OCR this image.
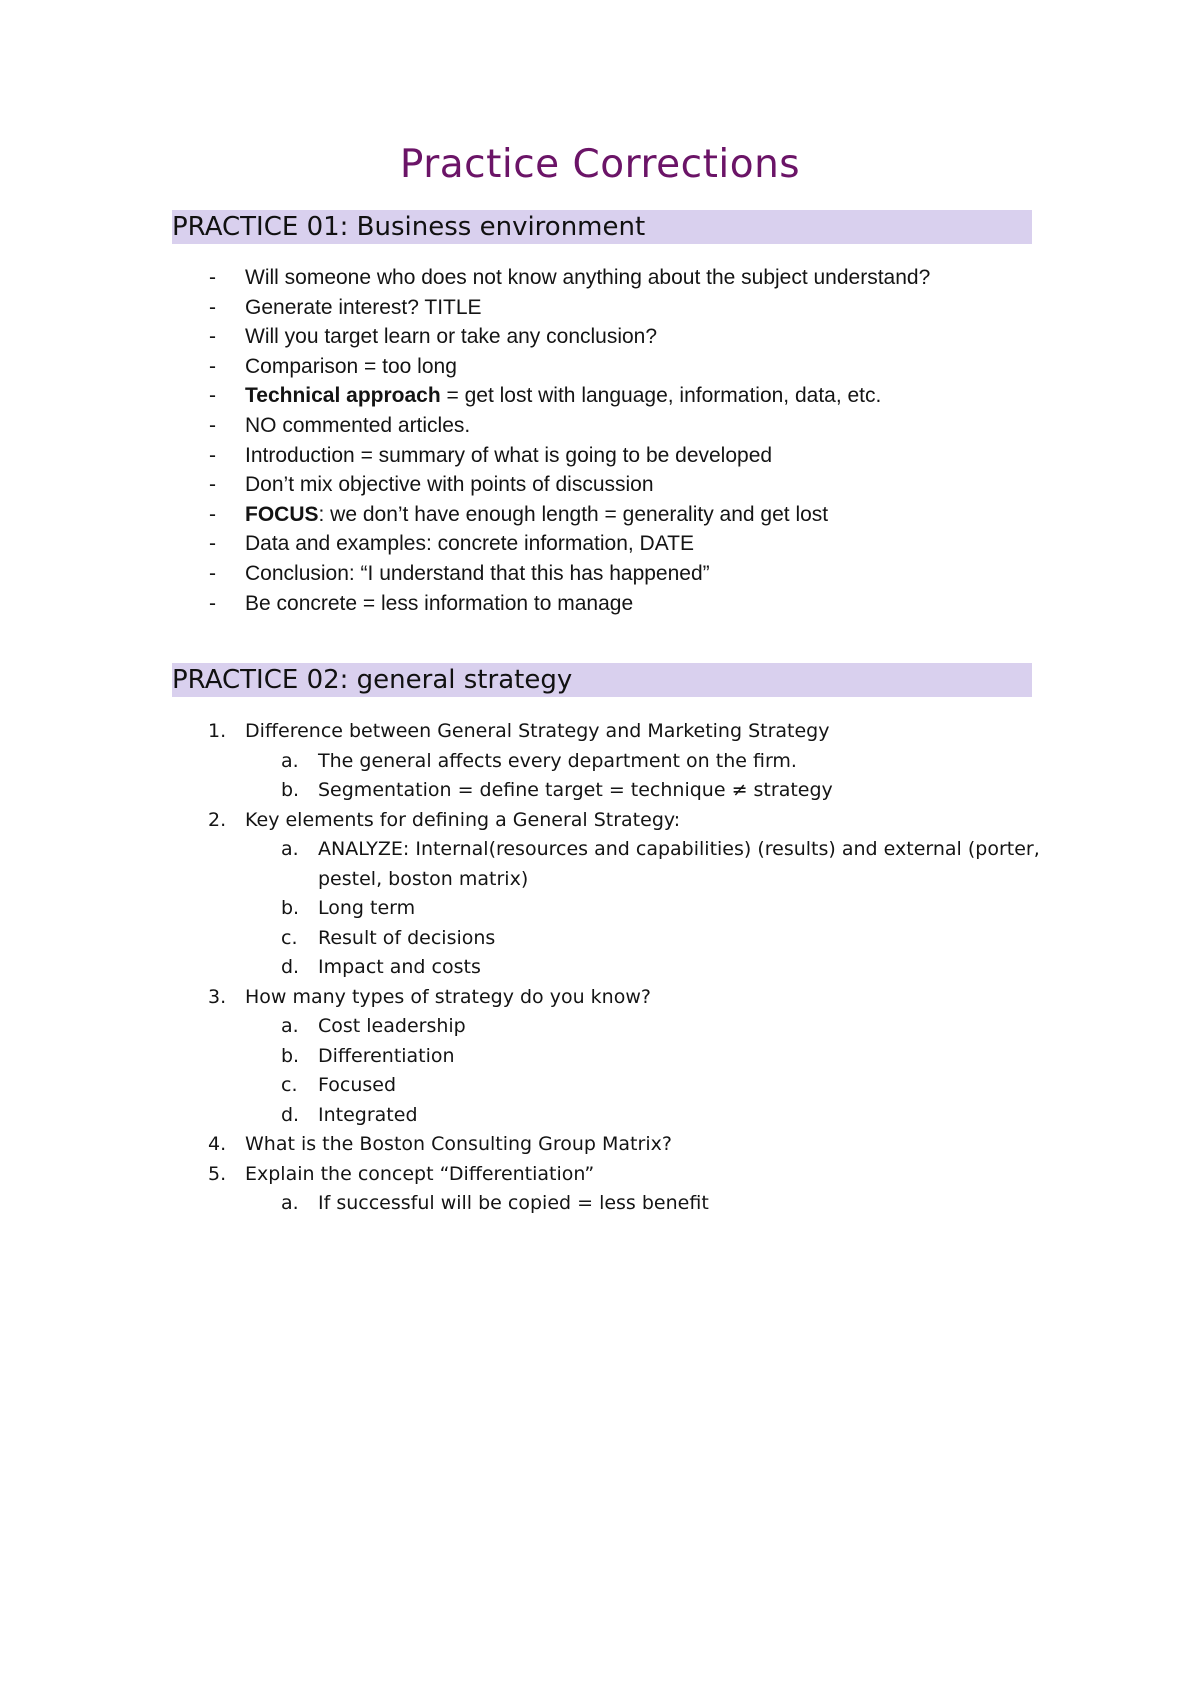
Practice Corrections
PRACTICE 01: Business environment
- Will someone who does not know anything about the subject understand?
- Generate interest? TITLE
- Will you target learn or take any conclusion?
- Comparison = too long
- Technical approach = get lost with language, information, data, etc.
- NO commented articles.
- Introduction = summary of what is going to be developed
- Don’t mix objective with points of discussion
- FOCUS: we don’t have enough length = generality and get lost
- Data and examples: concrete information, DATE
- Conclusion: “I understand that this has happened”
- Be concrete = less information to manage
PRACTICE 02: general strategy
1. Difference between General Strategy and Marketing Strategy
a. The general affects every department on the firm.
b. Segmentation = define target = technique ≠ strategy
2. Key elements for defining a General Strategy:
a. ANALYZE: Internal(resources and capabilities) (results) and external (porter,
pestel, boston matrix)
b. Long term
c. Result of decisions
d. Impact and costs
3. How many types of strategy do you know?
a. Cost leadership
b. Differentiation
c. Focused
d. Integrated
4. What is the Boston Consulting Group Matrix?
5. Explain the concept “Differentiation”
a. If successful will be copied = less benefit
